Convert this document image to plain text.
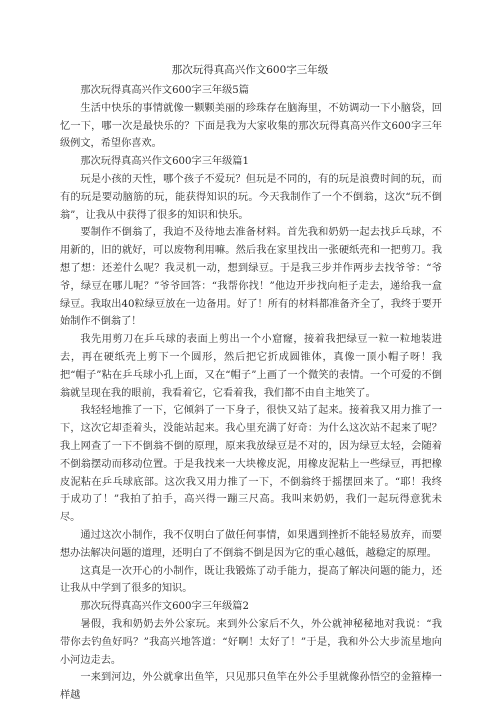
那次玩得真高兴作文600字三年级

那次玩得真高兴作文600字三年级5篇

生活中快乐的事情就像一颗颗美丽的珍珠存在脑海里，不妨调动一下小脑袋，回忆一下，哪一次是最快乐的？下面是我为大家收集的那次玩得真高兴作文600字三年级例文，希望你喜欢。

那次玩得真高兴作文600字三年级篇1

玩是小孩的天性，哪个孩子不爱玩？但玩是不同的，有的玩是浪费时间的玩，而有的玩是要动脑筋的玩，能获得知识的玩。今天我制作了一个不倒翁，这次“玩不倒翁”，让我从中获得了很多的知识和快乐。

要制作不倒翁了，我迫不及待地去准备材料。首先我和奶奶一起去找乒乓球，不用新的，旧的就好，可以废物利用嘛。然后我在家里找出一张硬纸壳和一把剪刀。我想了想：还差什么呢？我灵机一动，想到绿豆。于是我三步并作两步去找爷爷：“爷爷，绿豆在哪儿呢？”爷爷回答：“我帮你找！”他边开步找向柜子走去，递给我一盒绿豆。我取出40粒绿豆放在一边备用。好了！所有的材料都准备齐全了，我终于要开始制作不倒翁了！

我先用剪刀在乒乓球的表面上剪出一个小窟窿，接着我把绿豆一粒一粒地装进去，再在硬纸壳上剪下一个圆形，然后把它折成圆锥体，真像一顶小帽子呀！我把“帽子”粘在乒乓球小孔上面，又在“帽子”上画了一个微笑的表情。一个可爱的不倒翁就呈现在我的眼前，我看着它，它看着我，我们都不由自主地笑了。

我轻轻地推了一下，它倾斜了一下身子，很快又站了起来。接着我又用力推了一下，这次它却歪着头，没能站起来。我心里充满了好奇：为什么这次站不起来了呢？我上网查了一下不倒翁不倒的原理，原来我放绿豆是不对的，因为绿豆太轻，会随着不倒翁摆动而移动位置。于是我找来一大块橡皮泥，用橡皮泥粘上一些绿豆，再把橡皮泥粘在乒乓球底部。这次我又用力推了一下，不倒翁终于摇摆回来了。“耶！我终于成功了！”我拍了拍手，高兴得一蹦三尺高。我叫来奶奶，我们一起玩得意犹未尽。

通过这次小制作，我不仅明白了做任何事情，如果遇到挫折不能轻易放弃，而要想办法解决问题的道理，还明白了不倒翁不倒是因为它的重心越低，越稳定的原理。

这真是一次开心的小制作，既让我锻炼了动手能力，提高了解决问题的能力，还让我从中学到了很多的知识。

那次玩得真高兴作文600字三年级篇2

暑假，我和奶奶去外公家玩。来到外公家后不久，外公就神秘秘地对我说：“我带你去钓鱼好吗？”我高兴地答道：“好啊！太好了！”于是，我和外公大步流星地向小河边走去。

一来到河边，外公就拿出鱼竿，只见那只鱼竿在外公手里就像孙悟空的金箍棒一样越
